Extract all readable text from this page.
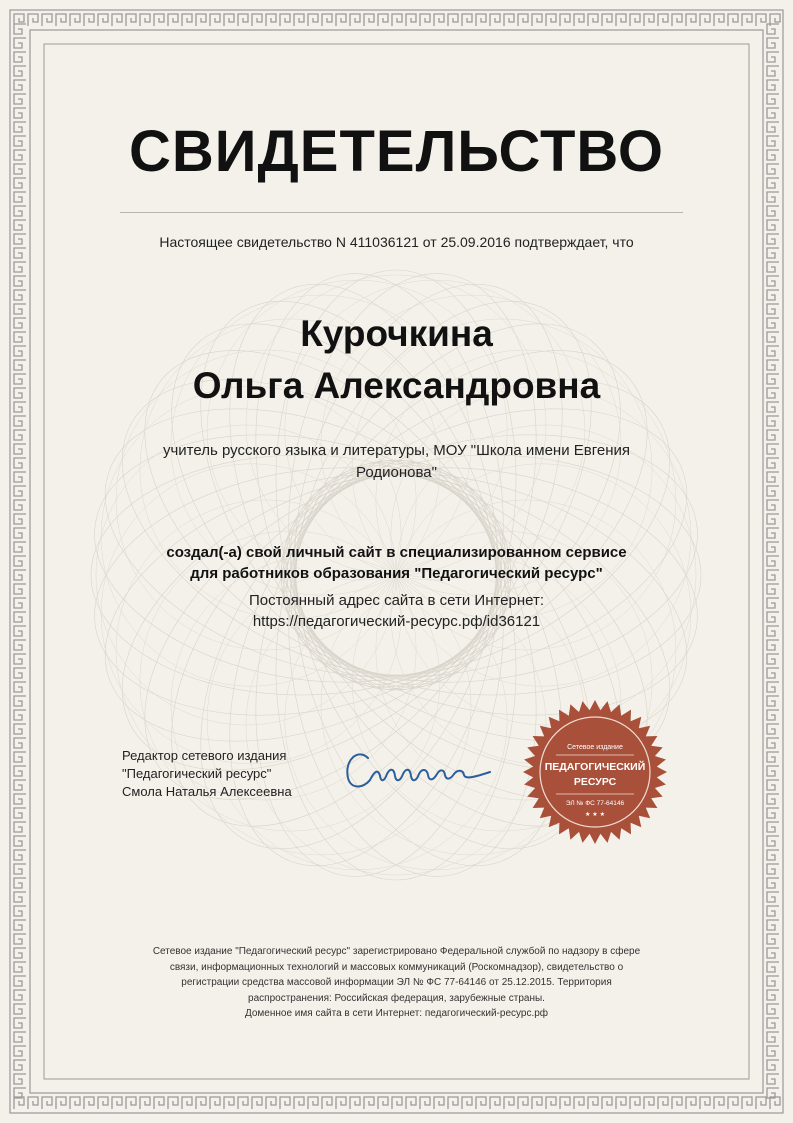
СВИДЕТЕЛЬСТВО
Настоящее свидетельство N 411036121 от 25.09.2016 подтверждает, что
Курочкина
Ольга Александровна
учитель русского языка и литературы, МОУ "Школа имени Евгения
Родионова"
создал(-а) свой личный сайт в специализированном сервисе
для работников образования "Педагогический ресурс"
Постоянный адрес сайта в сети Интернет:
https://педагогический-ресурс.рф/id36121
Редактор сетевого издания
"Педагогический ресурс"
Смола Наталья Алексеевна
Сетевое издание
ПЕДАГОГИЧЕСКИЙ
РЕСУРС
ЭЛ № ФС 77-64146
★ ★ ★
Сетевое издание "Педагогический ресурс" зарегистрировано Федеральной службой по надзору в сфере
связи, информационных технологий и массовых коммуникаций (Роскомнадзор), свидетельство о
регистрации средства массовой информации ЭЛ № ФС 77-64146 от 25.12.2015. Территория
распространения: Российская федерация, зарубежные страны.
Доменное имя сайта в сети Интернет: педагогический-ресурс.рф
